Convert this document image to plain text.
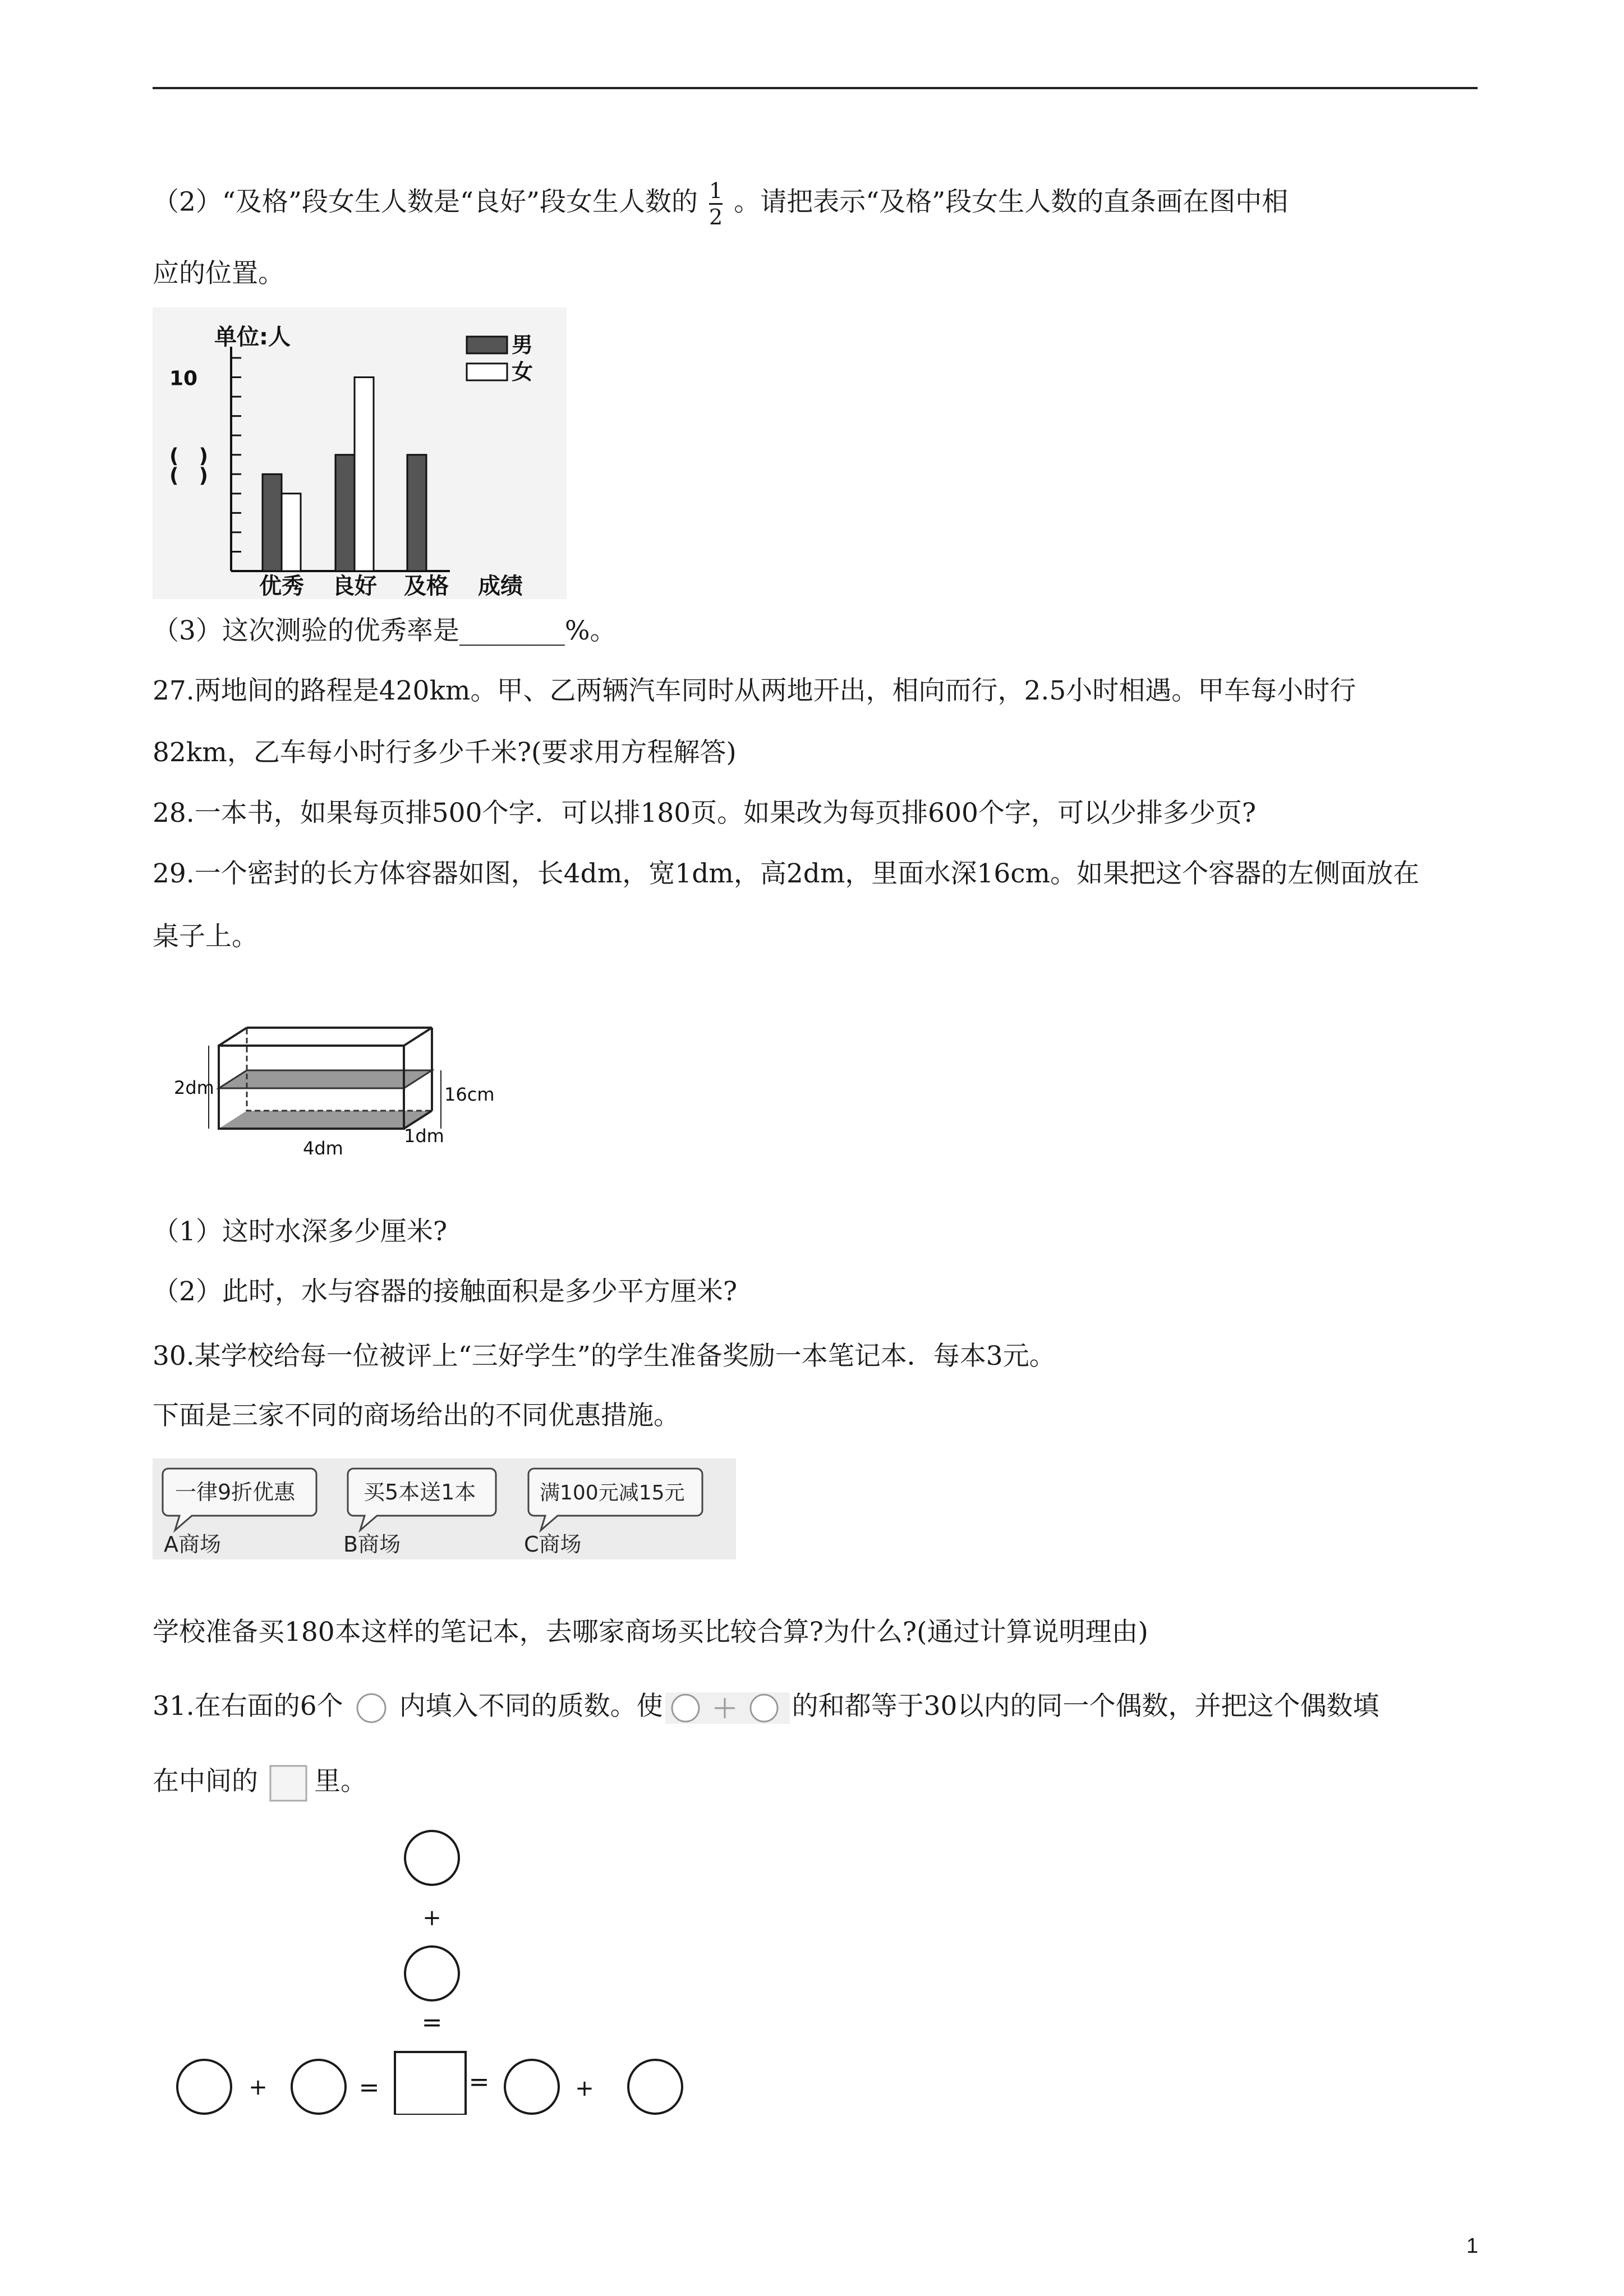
（2）“及格”段女生人数是“良好”段女生人数的 $\frac{1}{2}$ 。请把表示“及格”段女生人数的直条画在图中相
应的位置。
单位:人
10
(　)
(　)
男
女
优秀 良好 及格 成绩
（3）这次测验的优秀率是________%。
27.两地间的路程是420km。甲、乙两辆汽车同时从两地开出，相向而行，2.5小时相遇。甲车每小时行
82km，乙车每小时行多少千米?(要求用方程解答)
28.一本书，如果每页排500个字．可以排180页。如果改为每页排600个字，可以少排多少页?
29.一个密封的长方体容器如图，长4dm，宽1dm，高2dm，里面水深16cm。如果把这个容器的左侧面放在
桌子上。
2dm	16cm
4dm
1dm
（1）这时水深多少厘米?
（2）此时，水与容器的接触面积是多少平方厘米?
30.某学校给每一位被评上“三好学生”的学生准备奖励一本笔记本．每本3元。
下面是三家不同的商场给出的不同优惠措施。
一律9折优惠
A商场
买5本送1本
B商场
满100元减15元
C商场
学校准备买180本这样的笔记本，去哪家商场买比较合算?为什么?(通过计算说明理由)
31.在右面的6个 内填入不同的质数。使	的和都等于30以内的同一个偶数，并把这个偶数填
在中间的 里。
+
=
+	=	=	+
1
